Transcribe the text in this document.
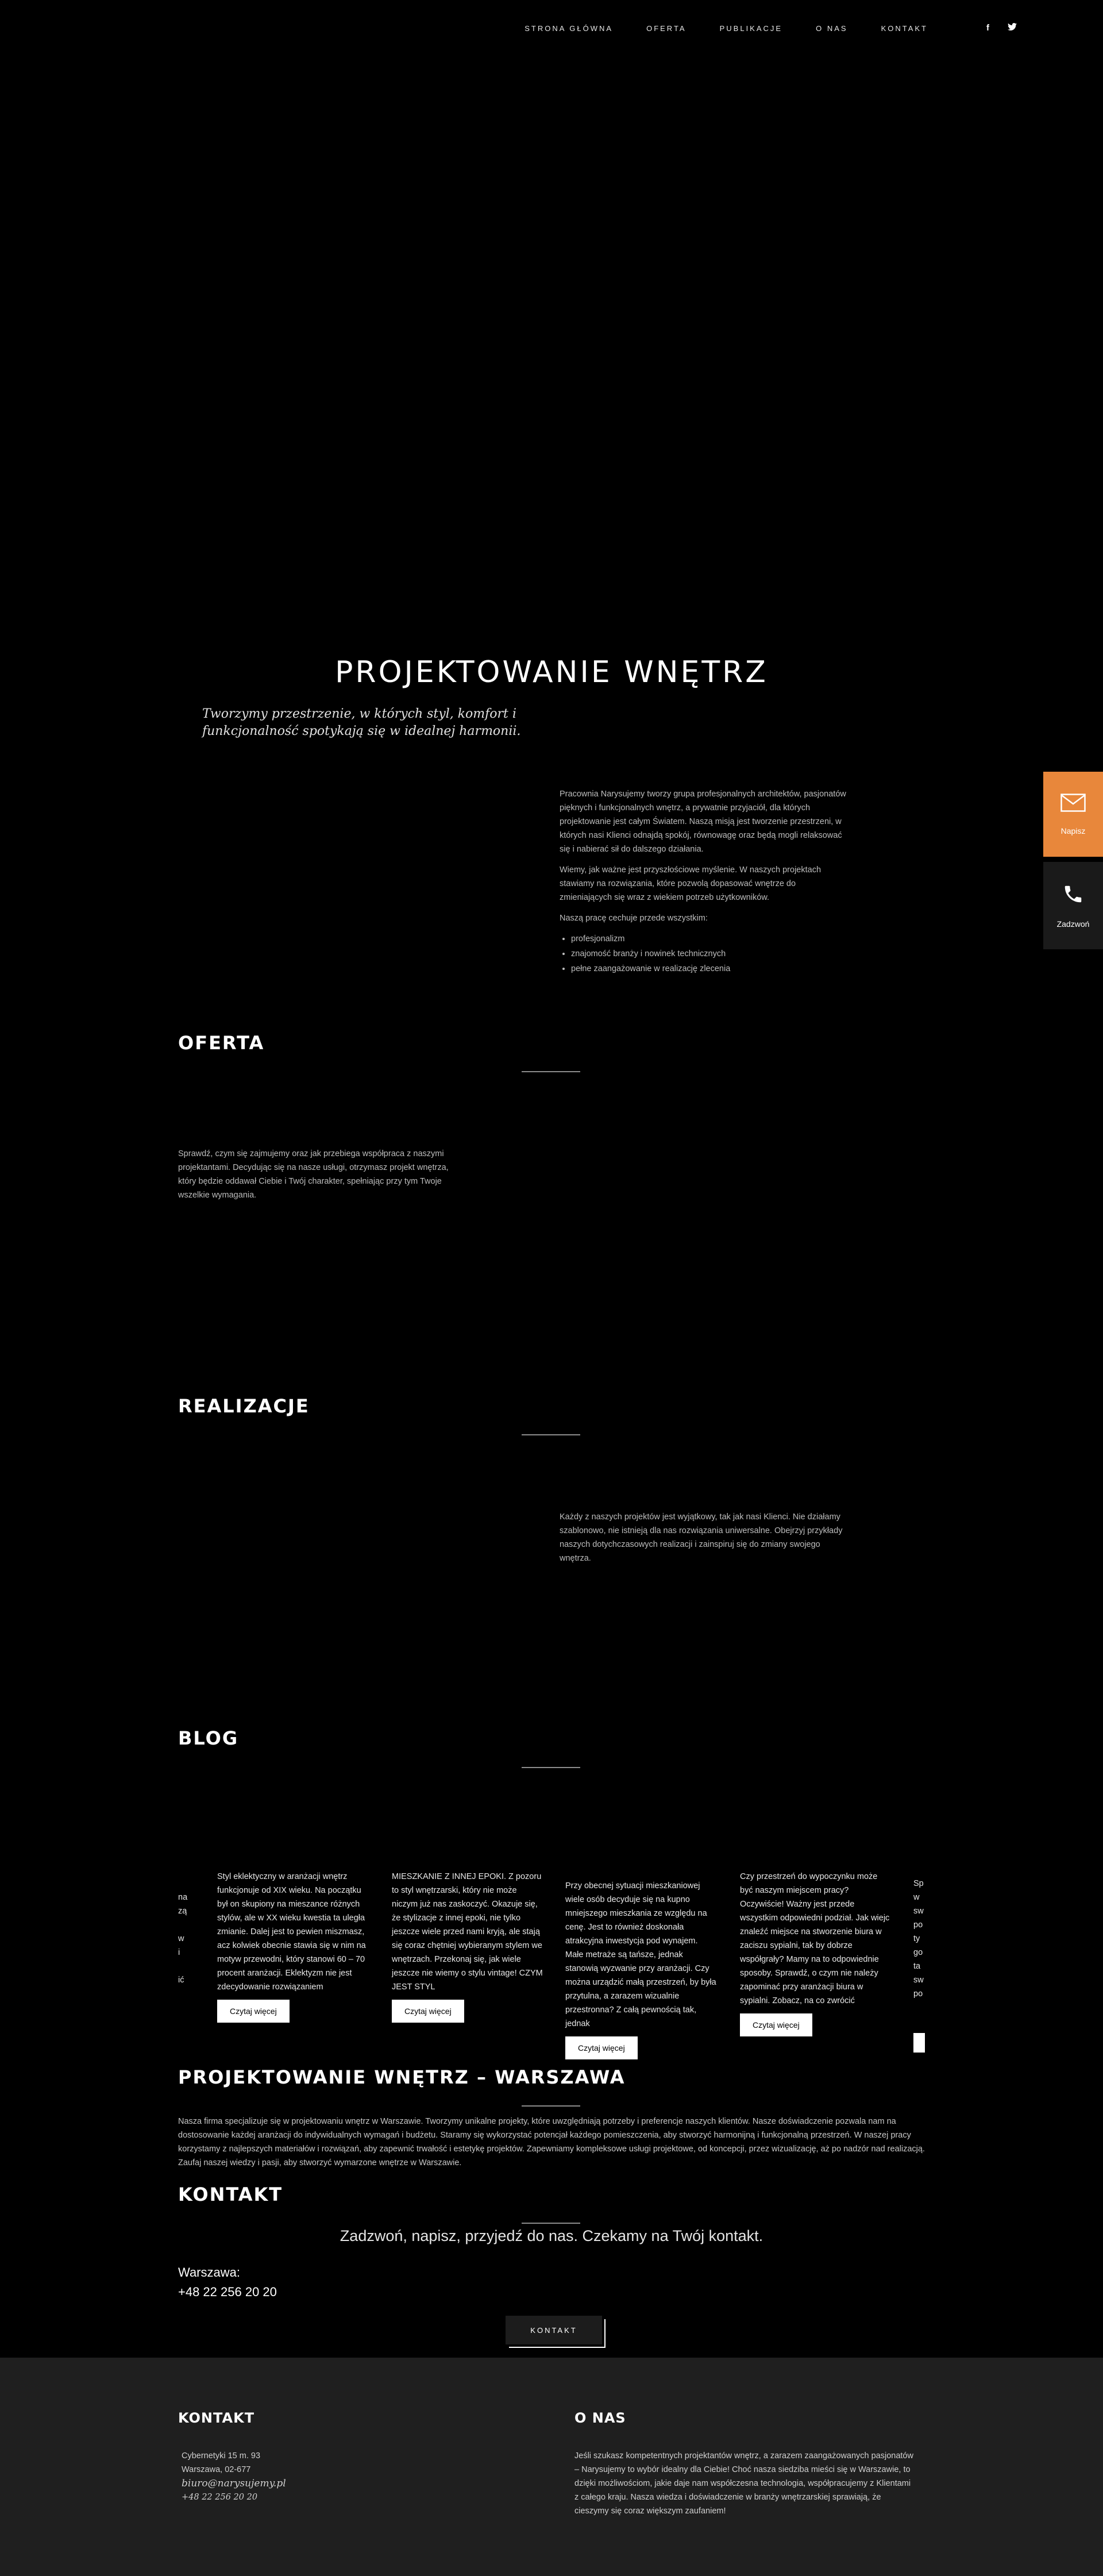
STRONA GŁÓWNA	OFERTA	PUBLIKACJE	O NAS	KONTAKT	f
PROJEKTOWANIE WNĘTRZ

Tworzymy przestrzenie, w których styl, komfort i funkcjonalność spotykają się w idealnej harmonii.

Pracownia Narysujemy tworzy grupa profesjonalnych architektów, pasjonatów pięknych i funkcjonalnych wnętrz, a prywatnie przyjaciół, dla których projektowanie jest całym Światem. Naszą misją jest tworzenie przestrzeni, w których nasi Klienci odnajdą spokój, równowagę oraz będą mogli relaksować się i nabierać sił do dalszego działania.

Wiemy, jak ważne jest przyszłościowe myślenie. W naszych projektach stawiamy na rozwiązania, które pozwolą dopasować wnętrze do zmieniających się wraz z wiekiem potrzeb użytkowników.

Naszą pracę cechuje przede wszystkim:

• profesjonalizm
• znajomość branży i nowinek technicznych
• pełne zaangażowanie w realizację zlecenia
Napisz
Zadzwoń
OFERTA

Sprawdź, czym się zajmujemy oraz jak przebiega współpraca z naszymi projektantami. Decydując się na nasze usługi, otrzymasz projekt wnętrza, który będzie oddawał Ciebie i Twój charakter, spełniając przy tym Twoje wszelkie wymagania.

REALIZACJE

Każdy z naszych projektów jest wyjątkowy, tak jak nasi Klienci. Nie działamy szablonowo, nie istnieją dla nas rozwiązania uniwersalne. Obejrzyj przykłady naszych dotychczasowych realizacji i zainspiruj się do zmiany swojego wnętrza.

BLOG
na
zą

w
i

ić

Styl eklektyczny w aranżacji wnętrz funkcjonuje od XIX wieku. Na początku był on skupiony na mieszance różnych stylów, ale w XX wieku kwestia ta uległa zmianie. Dalej jest to pewien miszmasz, acz kolwiek obecnie stawia się w nim na motyw przewodni, który stanowi 60 – 70 procent aranżacji. Eklektyzm nie jest zdecydowanie rozwiązaniem

Czytaj więcej

MIESZKANIE Z INNEJ EPOKI. Z pozoru to styl wnętrzarski, który nie może niczym już nas zaskoczyć. Okazuje się, że stylizacje z innej epoki, nie tylko jeszcze wiele przed nami kryją, ale stają się coraz chętniej wybieranym stylem we wnętrzach. Przekonaj się, jak wiele jeszcze nie wiemy o stylu vintage! CZYM JEST STYL

Czytaj więcej

Przy obecnej sytuacji mieszkaniowej wiele osób decyduje się na kupno mniejszego mieszkania ze względu na cenę. Jest to również doskonała atrakcyjna inwestycja pod wynajem. Małe metraże są tańsze, jednak stanowią wyzwanie przy aranżacji. Czy można urządzić małą przestrzeń, by była przytulna, a zarazem wizualnie przestronna? Z całą pewnością tak, jednak

Czytaj więcej

Czy przestrzeń do wypoczynku może być naszym miejscem pracy? Oczywiście! Ważny jest przede wszystkim odpowiedni podział. Jak wiejc znaleźć miejsce na stworzenie biura w zaciszu sypialni, tak by dobrze współgrały? Mamy na to odpowiednie sposoby. Sprawdź, o czym nie należy zapominać przy aranżacji biura w sypialni. Zobacz, na co zwrócić

Czytaj więcej
Sp
w
sw
po
ty
go
ta
sw
po
PROJEKTOWANIE WNĘTRZ – WARSZAWA

Nasza firma specjalizuje się w projektowaniu wnętrz w Warszawie. Tworzymy unikalne projekty, które uwzględniają potrzeby i preferencje naszych klientów. Nasze doświadczenie pozwala nam na dostosowanie każdej aranżacji do indywidualnych wymagań i budżetu. Staramy się wykorzystać potencjał każdego pomieszczenia, aby stworzyć harmonijną i funkcjonalną przestrzeń. W naszej pracy korzystamy z najlepszych materiałów i rozwiązań, aby zapewnić trwałość i estetykę projektów. Zapewniamy kompleksowe usługi projektowe, od koncepcji, przez wizualizację, aż po nadzór nad realizacją. Zaufaj naszej wiedzy i pasji, aby stworzyć wymarzone wnętrze w Warszawie.

KONTAKT

Zadzwoń, napisz, przyjedź do nas. Czekamy na Twój kontakt.

Warszawa:
+48 22 256 20 20
KONTAKT
KONTAKT
Cybernetyki 15 m. 93
Warszawa, 02-677
biuro@narysujemy.pl
+48 22 256 20 20
O NAS

Jeśli szukasz kompetentnych projektantów wnętrz, a zarazem zaangażowanych pasjonatów – Narysujemy to wybór idealny dla Ciebie! Choć nasza siedziba mieści się w Warszawie, to dzięki możliwościom, jakie daje nam współczesna technologia, współpracujemy z Klientami z całego kraju. Nasza wiedza i doświadczenie w branży wnętrzarskiej sprawiają, że cieszymy się coraz większym zaufaniem!
